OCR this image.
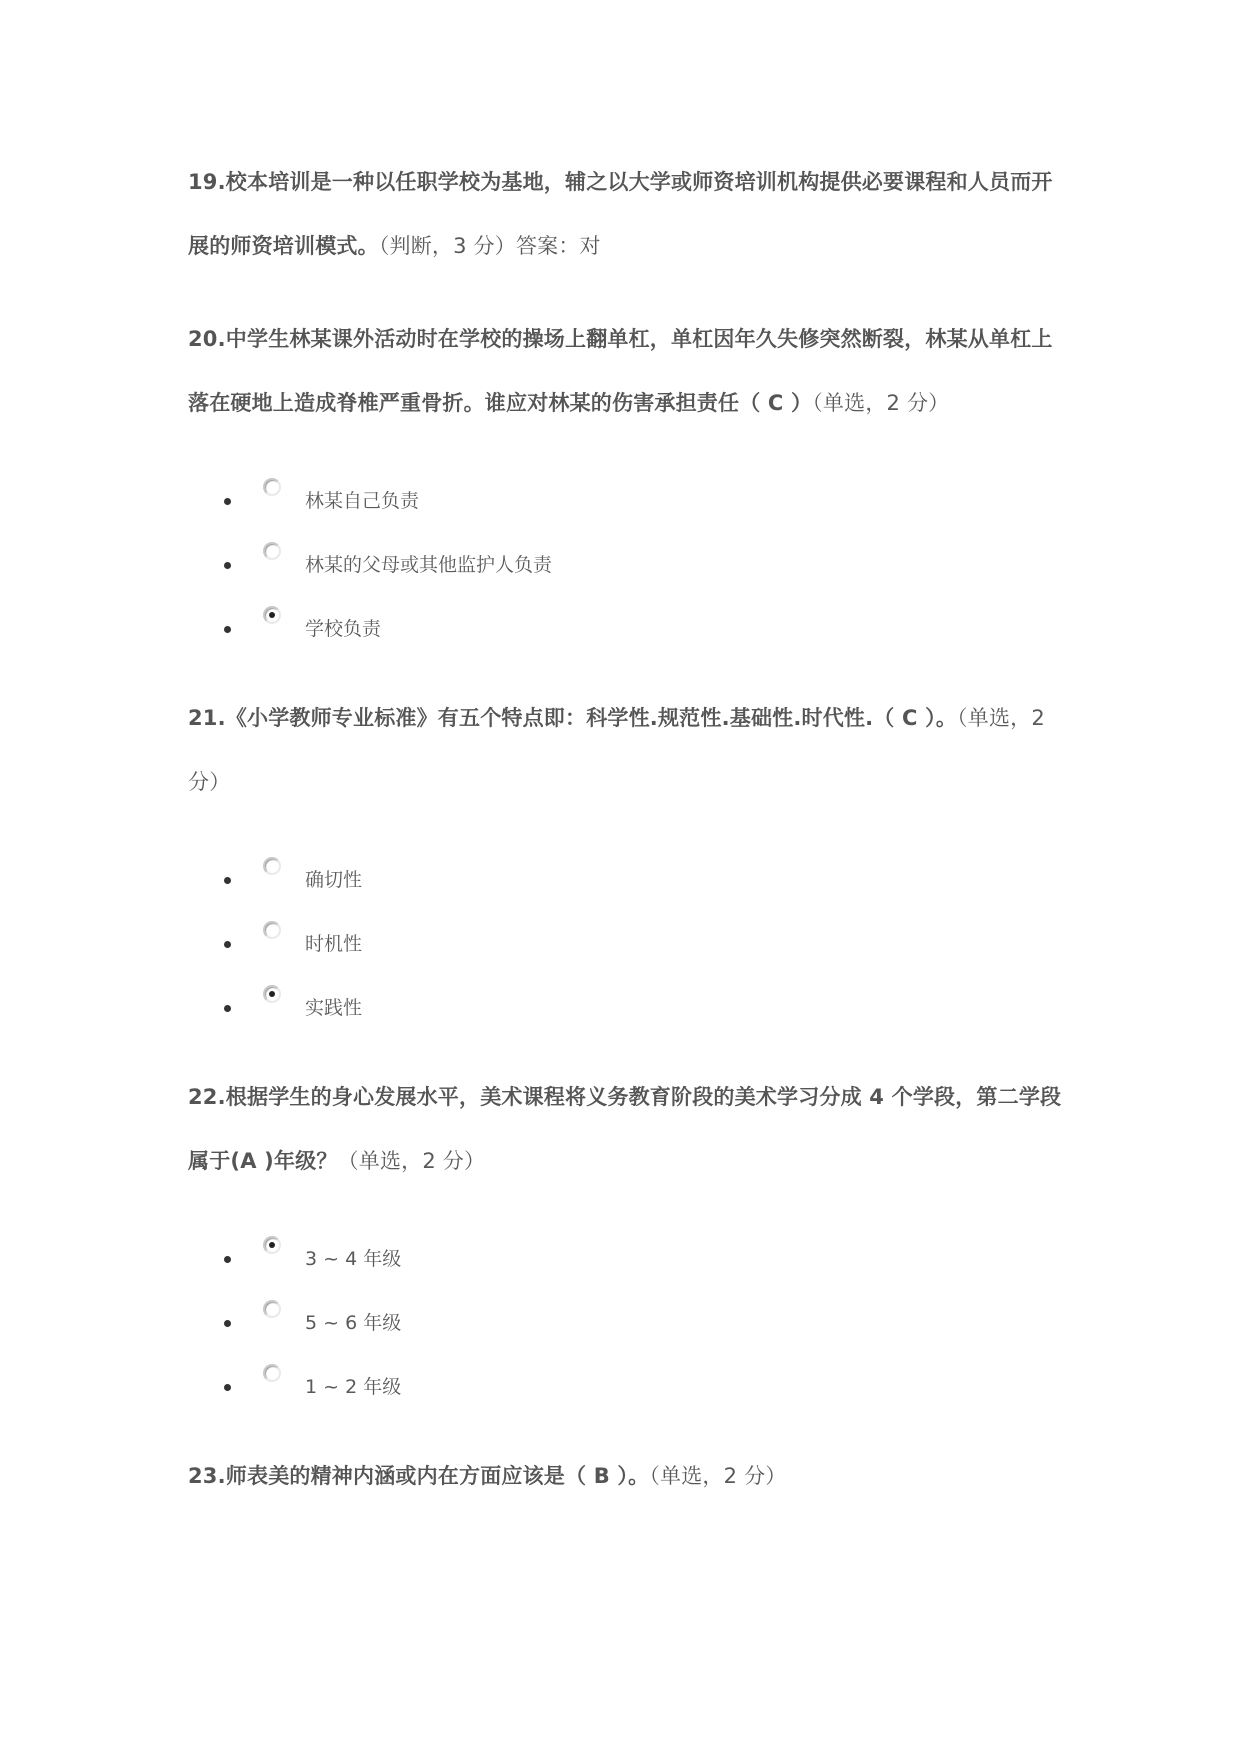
19.校本培训是一种以任职学校为基地，辅之以大学或师资培训机构提供必要课程和人员而开展的师资培训模式。（判断，3 分）答案：对
20.中学生林某课外活动时在学校的操场上翻单杠，单杠因年久失修突然断裂，林某从单杠上落在硬地上造成脊椎严重骨折。谁应对林某的伤害承担责任（ C ）（单选，2 分）
林某自己负责
林某的父母或其他监护人负责
学校负责
21.《小学教师专业标准》有五个特点即：科学性.规范性.基础性.时代性.（ C ）。（单选，2 分）
确切性
时机性
实践性
22.根据学生的身心发展水平，美术课程将义务教育阶段的美术学习分成 4 个学段，第二学段属于(A )年级？（单选，2 分）
3 ~ 4 年级
5 ~ 6 年级
1 ~ 2 年级
23.师表美的精神内涵或内在方面应该是（ B ）。（单选，2 分）
